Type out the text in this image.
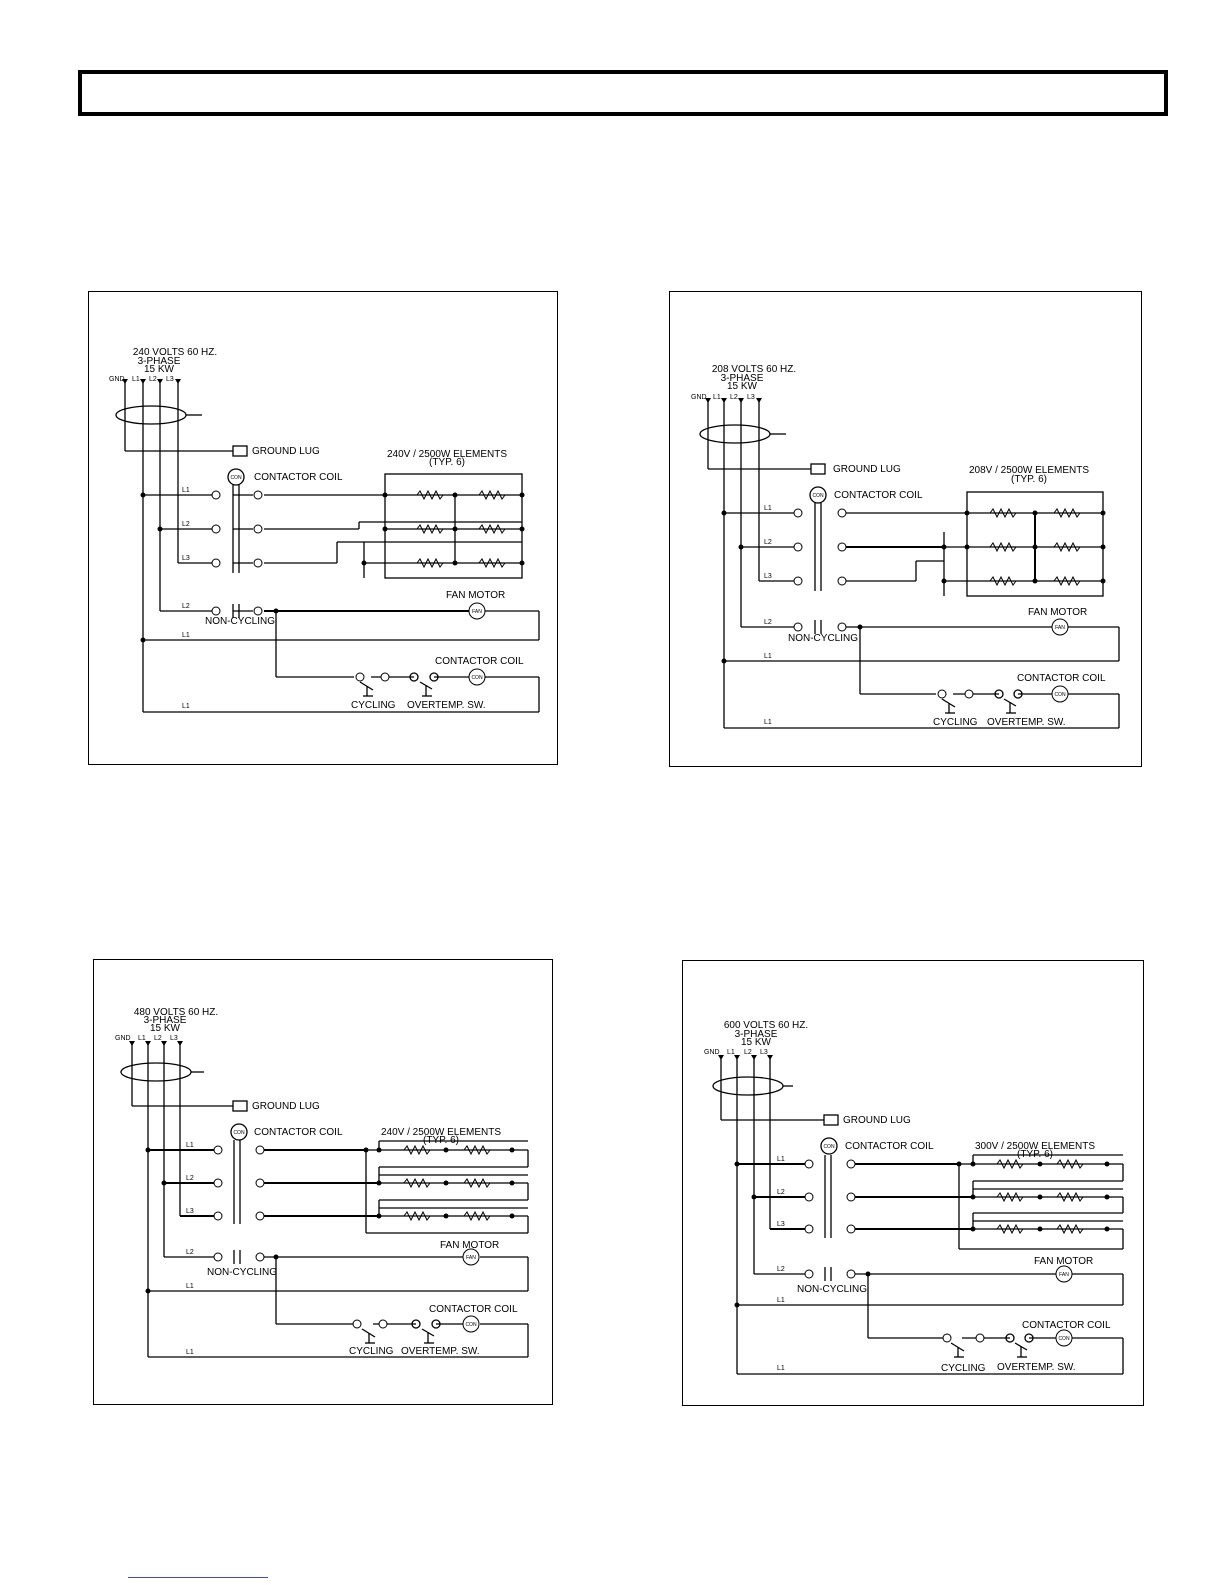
240 VOLTS 60 HZ.
3-PHASE
15 KW
GND L1 L2 L3
GROUND LUG
CONTACTOR COIL
240V / 2500W ELEMENTS
(TYP. 6)
L1
L2
L3
L2
L1
L1
FAN MOTOR
NON-CYCLING
CONTACTOR COIL
CYCLING OVERTEMP. SW.
CON
FAN
CON
208 VOLTS 60 HZ.
3-PHASE
15 KW
GND L1 L2 L3
GROUND LUG
CONTACTOR COIL
208V / 2500W ELEMENTS
(TYP. 6)
L1
L2
L3
L2
L1
L1
FAN MOTOR
NON-CYCLING
CONTACTOR COIL
CYCLING OVERTEMP. SW.
CON
FAN
CON
480 VOLTS 60 HZ.
3-PHASE
15 KW
GND L1 L2 L3
GROUND LUG
CONTACTOR COIL	240V / 2500W ELEMENTS
(TYP. 6)
L1
L2
L3
L2
L1
L1
FAN MOTOR
NON-CYCLING
CONTACTOR COIL
CYCLING OVERTEMP. SW.
CON
FAN
CON
600 VOLTS 60 HZ.
3-PHASE
15 KW
GND L1 L2 L3
GROUND LUG
CONTACTOR COIL	300V / 2500W ELEMENTS
(TYP. 6)
L1
L2
L3
L2
L1
L1
FAN MOTOR
NON-CYCLING
CONTACTOR COIL
CYCLING OVERTEMP. SW.
CON
FAN
CON
